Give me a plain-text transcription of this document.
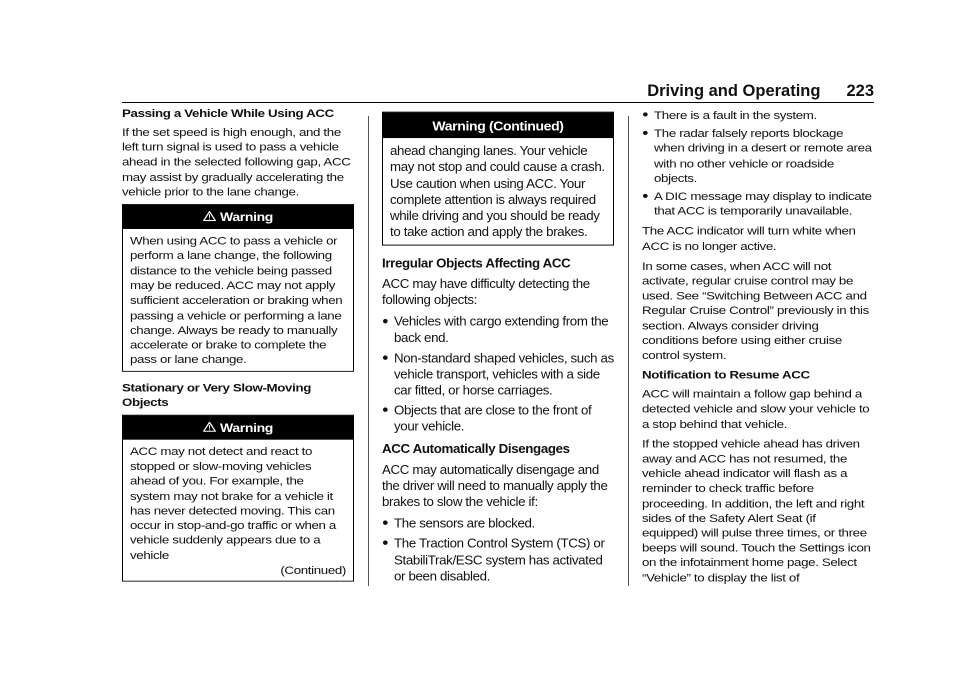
Driving and Operating 223
Passing a Vehicle While Using ACC

If the set speed is high enough, and the left turn signal is used to pass a vehicle ahead in the selected following gap, ACC may assist by gradually accelerating the vehicle prior to the lane change.

Warning
When using ACC to pass a vehicle or perform a lane change, the following distance to the vehicle being passed may be reduced. ACC may not apply sufficient acceleration or braking when passing a vehicle or performing a lane change. Always be ready to manually accelerate or brake to complete the pass or lane change.
Stationary or Very Slow-Moving Objects
Warning
ACC may not detect and react to stopped or slow-moving vehicles ahead of you. For example, the system may not brake for a vehicle it has never detected moving. This can occur in stop-and-go traffic or when a vehicle suddenly appears due to a vehicle
(Continued)
Warning (Continued)
ahead changing lanes. Your vehicle may not stop and could cause a crash. Use caution when using ACC. Your complete attention is always required while driving and you should be ready to take action and apply the brakes.
Irregular Objects Affecting ACC

ACC may have difficulty detecting the following objects:

● Vehicles with cargo extending from the back end.
● Non-standard shaped vehicles, such as vehicle transport, vehicles with a side car fitted, or horse carriages.
● Objects that are close to the front of your vehicle.
ACC Automatically Disengages

ACC may automatically disengage and the driver will need to manually apply the brakes to slow the vehicle if:

● The sensors are blocked.
● The Traction Control System (TCS) or StabiliTrak/ESC system has activated or been disabled.
● There is a fault in the system.
● The radar falsely reports blockage when driving in a desert or remote area with no other vehicle or roadside objects.
● A DIC message may display to indicate that ACC is temporarily unavailable.

The ACC indicator will turn white when ACC is no longer active.

In some cases, when ACC will not activate, regular cruise control may be used. See “Switching Between ACC and Regular Cruise Control” previously in this section. Always consider driving conditions before using either cruise control system.

Notification to Resume ACC

ACC will maintain a follow gap behind a detected vehicle and slow your vehicle to a stop behind that vehicle.

If the stopped vehicle ahead has driven away and ACC has not resumed, the vehicle ahead indicator will flash as a reminder to check traffic before proceeding. In addition, the left and right sides of the Safety Alert Seat (if equipped) will pulse three times, or three beeps will sound. Touch the Settings icon on the infotainment home page. Select “Vehicle” to display the list of
